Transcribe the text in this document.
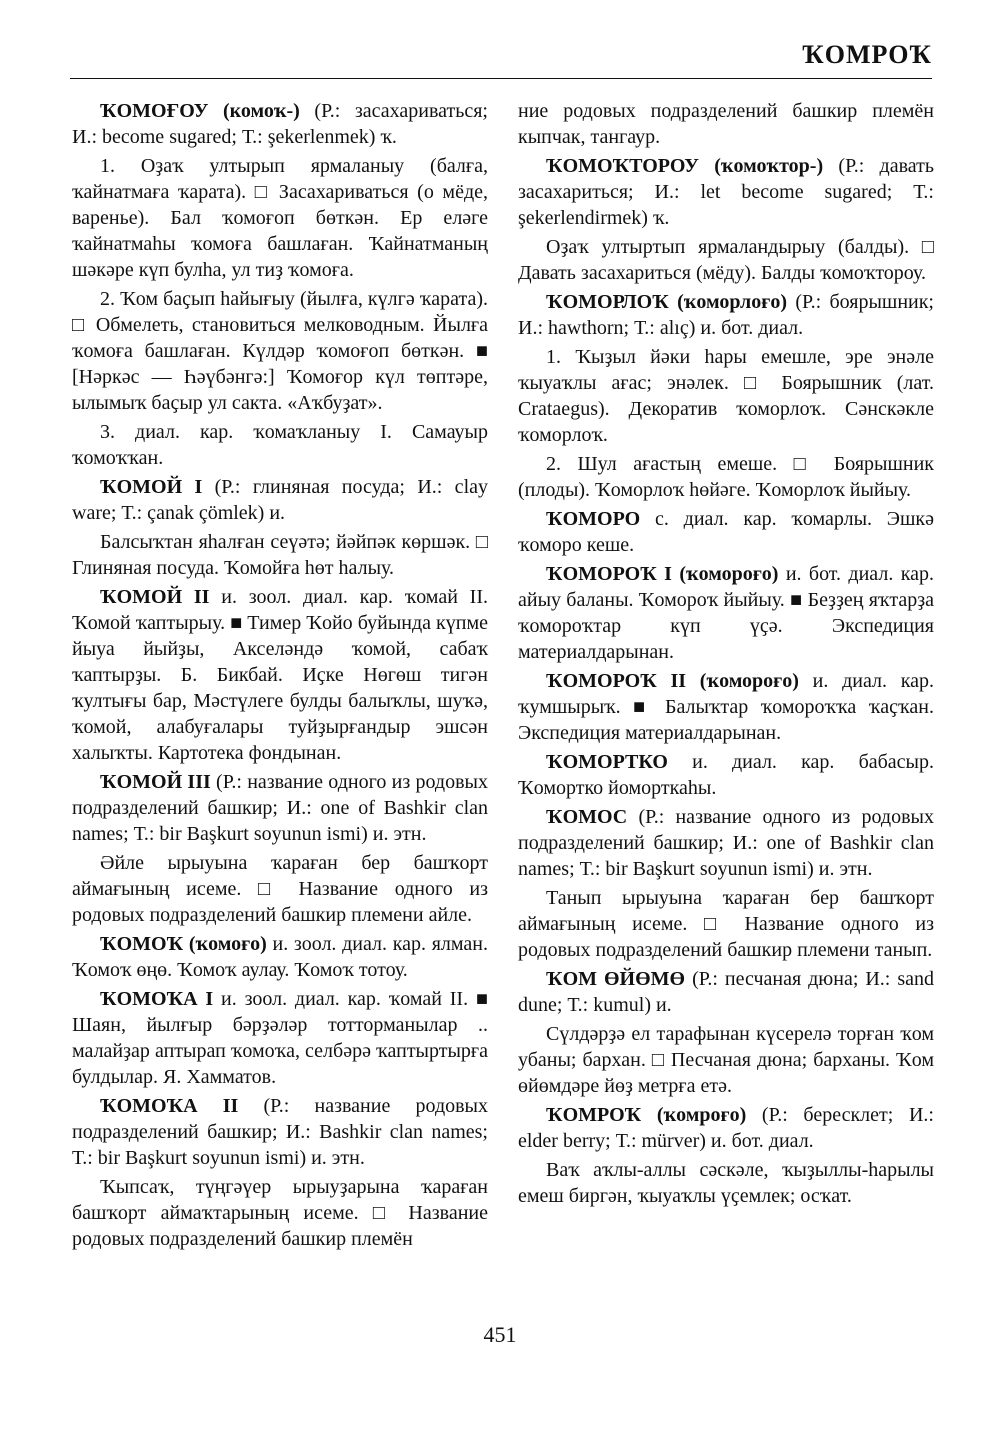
ҠОМРОҠ

ҠОМОҒОУ (комоҡ-) (Р.: засахариваться; И.: become sugared; Т.: şekerlenmek) ҡ.

1. Оҙаҡ ултырып ярмаланыу (балға, ҡайнатмаға ҡарата). □ Засахариваться (о мёде, варенье). Бал ҡомоғоп бөткән. Ер еләге ҡайнатмаһы ҡомоға башлаған. Ҡайнатманың шәкәре күп булһа, ул тиҙ ҡомоға.

2. Ҡом баҫып һайығыу (йылға, күлгә ҡарата). □ Обмелеть, становиться мелководным. Йылға ҡомоға башлаған. Күлдәр ҡомоғоп бөткән. ■ [Нәркәс — Һәүбәнгә:] Ҡомоғор күл төптәре, ылымыҡ баҫыр ул сакта. «Аҡбуҙат».

3. диал. кар. ҡомаҡланыу I. Самауыр ҡомоҡҡан.

ҠОМОЙ I (Р.: глиняная посуда; И.: clay ware; Т.: çanak çömlek) и.

Балсыҡтан яһалған сеүәтә; йәйпәк көршәк. □ Глиняная посуда. Ҡомойға һөт һалыу.

ҠОМОЙ II и. зоол. диал. кар. ҡомай II. Ҡомой ҡаптырыу. ■ Тимер Ҡойо буйында күпме йыуа йыйҙы, Акселәндә ҡомой, сабаҡ ҡаптырҙы. Б. Бикбай. Иҫке Нөгөш тигән ҡултығы бар, Мәстүлеге булды балыҡлы, шуҡә, ҡомой, алабуғалары туйҙырғандыр эшсән халыҡты. Картотека фондынан.

ҠОМОЙ III (Р.: название одного из родовых подразделений башкир; И.: one of Bashkir clan names; Т.: bir Başkurt soyunun ismi) и. этн.

Әйле ырыуына ҡараған бер башҡорт аймағының исеме. □ Название одного из родовых подразделений башкир племени айле.

ҠОМОҠ (ҡомоғо) и. зоол. диал. кар. ялман. Ҡомоҡ өңө. Ҡомоҡ аулау. Ҡомоҡ тотоу.

ҠОМОҠА I и. зоол. диал. кар. ҡомай II. ■ Шаян, йылғыр бәрҙәләр тотторманылар .. малайҙар аптырап ҡомоҡа, селбәрә ҡаптыртырға булдылар. Я. Хамматов.

ҠОМОҠА II (Р.: название родовых подразделений башкир; И.: Bashkir clan names; Т.: bir Başkurt soyunun ismi) и. этн.

Ҡыпсаҡ, түңгәүер ырыуҙарына ҡараған башҡорт аймаҡтарының исеме. □ Название родовых подразделений башкир племён

ние родовых подразделений башкир племён кыпчак, тангаур.

ҠОМОҠТОРОУ (ҡомоҡтор-) (Р.: давать засахариться; И.: let become sugared; Т.: şekerlendirmek) ҡ.

Оҙаҡ ултыртып ярмаландырыу (балды). □ Давать засахариться (мёду). Балды ҡомоҡтороу.

ҠОМОРЛОҠ (ҡоморлоғо) (Р.: боярышник; И.: hawthorn; Т.: alıç) и. бот. диал.

1. Ҡыҙыл йәки һары емешле, эре энәле ҡыуаҡлы ағас; энәлек. □ Боярышник (лат. Crataegus). Декоратив ҡоморлоҡ. Сәнскәкле ҡоморлоҡ.

2. Шул ағастың емеше. □ Боярышник (плоды). Ҡоморлоҡ һөйәге. Ҡоморлоҡ йыйыу.

ҠОМОРО с. диал. кар. ҡомарлы. Эшкә ҡоморо кеше.

ҠОМОРОҠ I (ҡомороғо) и. бот. диал. кар. айыу баланы. Ҡомороҡ йыйыу. ■ Беҙҙең яҡтарҙа ҡомороҡтар күп үҫә. Экспедиция материалдарынан.

ҠОМОРОҠ II (ҡомороғо) и. диал. кар. ҡумшырыҡ. ■ Балыҡтар ҡомороҡҡа ҡаҫҡан. Экспедиция материалдарынан.

ҠОМОРТКО и. диал. кар. бабасыр. Ҡомортко йоморткаһы.

ҠОМОС (Р.: название одного из родовых подразделений башкир; И.: one of Bashkir clan names; Т.: bir Başkurt soyunun ismi) и. этн.

Танып ырыуына ҡараған бер башҡорт аймағының исеме. □ Название одного из родовых подразделений башкир племени танып.

ҠОМ ӨЙӨМӨ (Р.: песчаная дюна; И.: sand dune; Т.: kumul) и.

Сүлдәрҙә ел тарафынан күсерелә торған ҡом убаны; бархан. □ Песчаная дюна; барханы. Ҡом өйөмдәре йөҙ метрға етә.

ҠОМРОҠ (ҡомроғо) (Р.: бересклет; И.: elder berry; Т.: mürver) и. бот. диал.

Ваҡ аҡлы-аллы сәскәле, ҡыҙыллы-һарылы емеш биргән, ҡыуаҡлы үҫемлек; осҡат.

451
